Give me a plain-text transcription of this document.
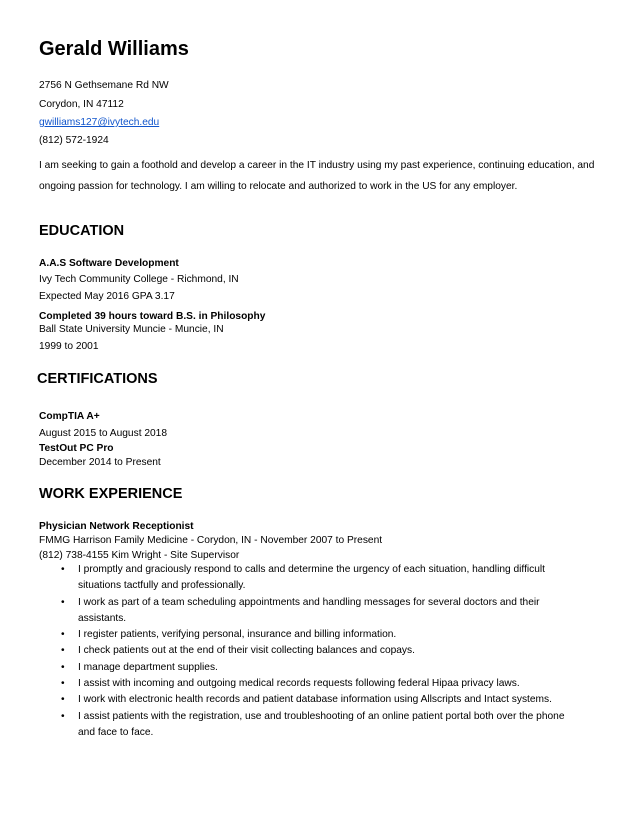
Gerald Williams
2756 N Gethsemane Rd NW
Corydon, IN 47112
gwilliams127@ivytech.edu
(812) 572-1924
I am seeking to gain a foothold and develop a career in the IT industry using my past experience, continuing education, and ongoing passion for technology. I am willing to relocate and authorized to work in the US for any employer.
EDUCATION
A.A.S Software Development
Ivy Tech Community College - Richmond, IN
Expected May 2016 GPA 3.17
Completed 39 hours toward B.S. in Philosophy
Ball State University Muncie - Muncie, IN
1999 to 2001
CERTIFICATIONS
CompTIA A+
August 2015 to August 2018
TestOut PC Pro
December 2014 to Present
WORK EXPERIENCE
Physician Network Receptionist
FMMG Harrison Family Medicine - Corydon, IN - November 2007 to Present
(812) 738-4155 Kim Wright - Site Supervisor
• I promptly and graciously respond to calls and determine the urgency of each situation, handling difficult situations tactfully and professionally.
• I work as part of a team scheduling appointments and handling messages for several doctors and their assistants.
• I register patients, verifying personal, insurance and billing information.
• I check patients out at the end of their visit collecting balances and copays.
• I manage department supplies.
• I assist with incoming and outgoing medical records requests following federal Hipaa privacy laws.
• I work with electronic health records and patient database information using Allscripts and Intact systems.
• I assist patients with the registration, use and troubleshooting of an online patient portal both over the phone and face to face.
